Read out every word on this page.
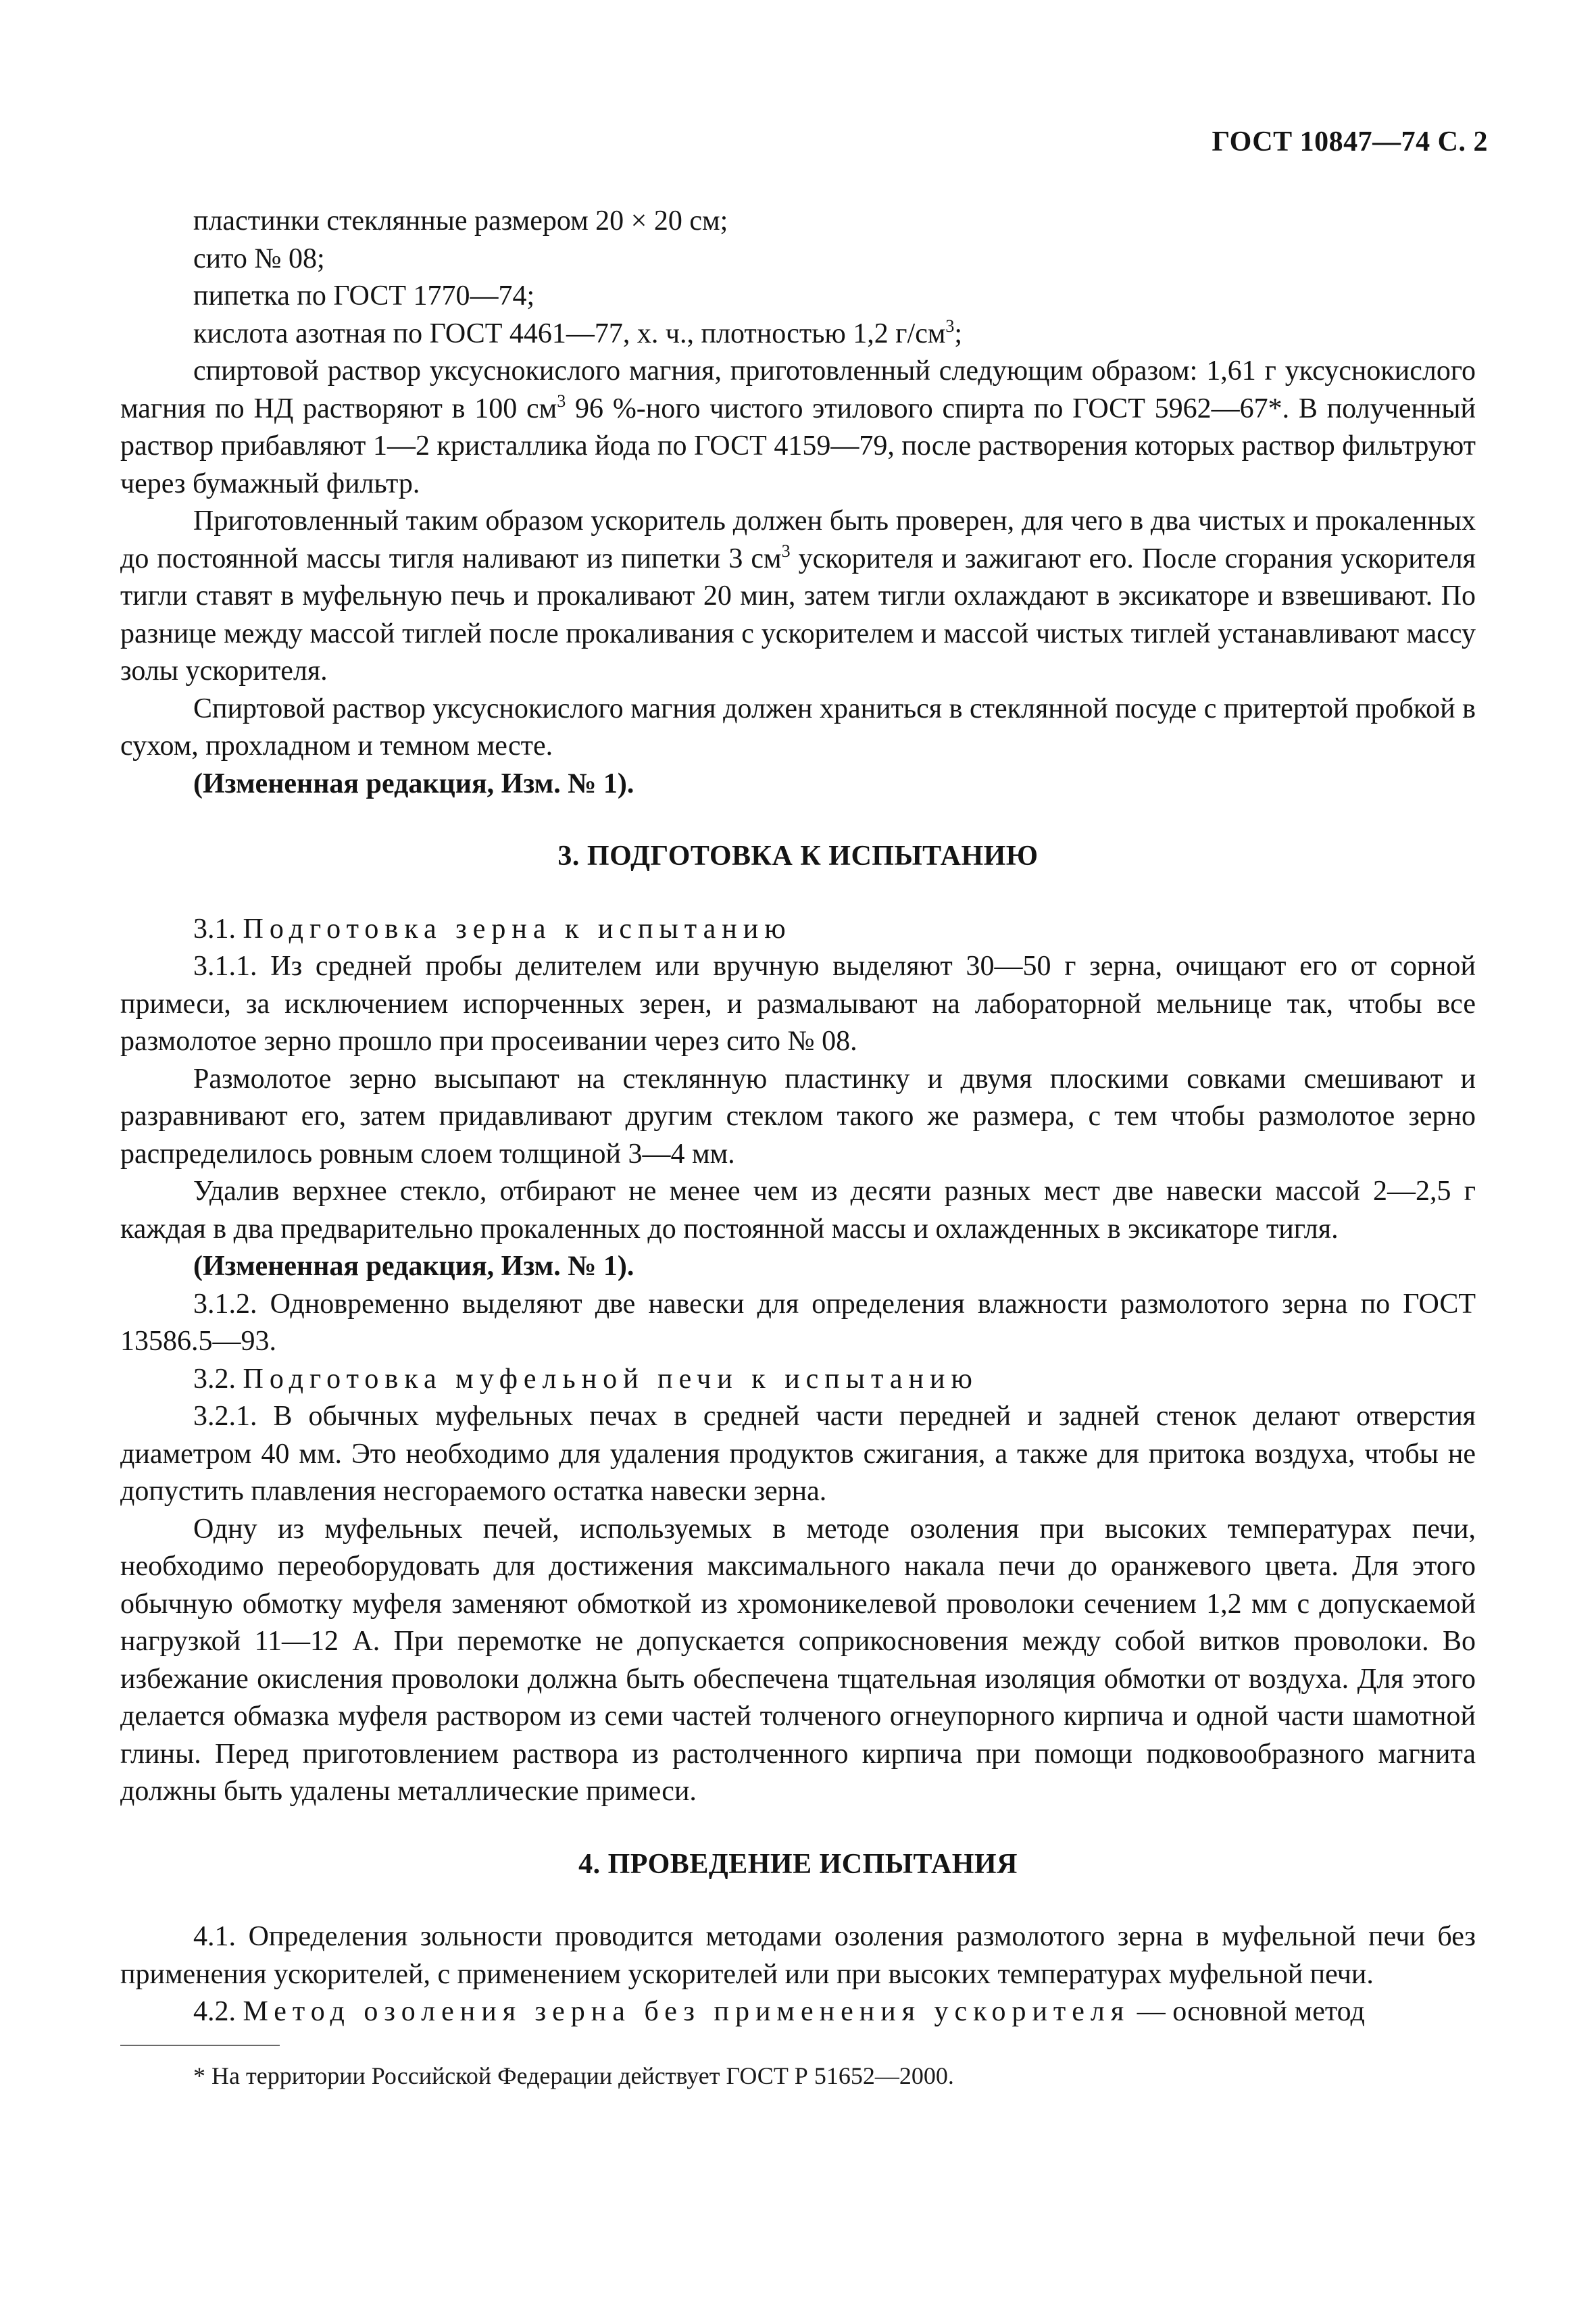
ГОСТ 10847—74 С. 2

пластинки стеклянные размером 20 × 20 см;

сито № 08;

пипетка по ГОСТ 1770—74;

кислота азотная по ГОСТ 4461—77, х. ч., плотностью 1,2 $г/см^3$;

спиртовой раствор уксуснокислого магния, приготовленный следующим образом: 1,61 г уксуснокислого магния по НД растворяют в 100 $см^3$ 96 %-ного чистого этилового спирта по ГОСТ 5962—67*. В полученный раствор прибавляют 1—2 кристаллика йода по ГОСТ 4159—79, после растворения которых раствор фильтруют через бумажный фильтр.

Приготовленный таким образом ускоритель должен быть проверен, для чего в два чистых и прокаленных до постоянной массы тигля наливают из пипетки 3 $см^3$ ускорителя и зажигают его. После сгорания ускорителя тигли ставят в муфельную печь и прокаливают 20 мин, затем тигли охлаждают в эксикаторе и взвешивают. По разнице между массой тиглей после прокаливания с ускорителем и массой чистых тиглей устанавливают массу золы ускорителя.

Спиртовой раствор уксуснокислого магния должен храниться в стеклянной посуде с притертой пробкой в сухом, прохладном и темном месте.

(Измененная редакция, Изм. № 1).

3. ПОДГОТОВКА К ИСПЫТАНИЮ

3.1. Подготовка зерна к испытанию

3.1.1. Из средней пробы делителем или вручную выделяют 30—50 г зерна, очищают его от сорной примеси, за исключением испорченных зерен, и размалывают на лабораторной мельнице так, чтобы все размолотое зерно прошло при просеивании через сито № 08.

Размолотое зерно высыпают на стеклянную пластинку и двумя плоскими совками смешивают и разравнивают его, затем придавливают другим стеклом такого же размера, с тем чтобы размолотое зерно распределилось ровным слоем толщиной 3—4 мм.

Удалив верхнее стекло, отбирают не менее чем из десяти разных мест две навески массой 2—2,5 г каждая в два предварительно прокаленных до постоянной массы и охлажденных в эксикаторе тигля.

(Измененная редакция, Изм. № 1).

3.1.2. Одновременно выделяют две навески для определения влажности размолотого зерна по ГОСТ 13586.5—93.

3.2. Подготовка муфельной печи к испытанию

3.2.1. В обычных муфельных печах в средней части передней и задней стенок делают отверстия диаметром 40 мм. Это необходимо для удаления продуктов сжигания, а также для притока воздуха, чтобы не допустить плавления несгораемого остатка навески зерна.

Одну из муфельных печей, используемых в методе озоления при высоких температурах печи, необходимо переоборудовать для достижения максимального накала печи до оранжевого цвета. Для этого обычную обмотку муфеля заменяют обмоткой из хромоникелевой проволоки сечением 1,2 мм с допускаемой нагрузкой 11—12 А. При перемотке не допускается соприкосновения между собой витков проволоки. Во избежание окисления проволоки должна быть обеспечена тщательная изоляция обмотки от воздуха. Для этого делается обмазка муфеля раствором из семи частей толченого огнеупорного кирпича и одной части шамотной глины. Перед приготовлением раствора из растолченного кирпича при помощи подковообразного магнита должны быть удалены металлические примеси.

4. ПРОВЕДЕНИЕ ИСПЫТАНИЯ

4.1. Определения зольности проводится методами озоления размолотого зерна в муфельной печи без применения ускорителей, с применением ускорителей или при высоких температурах муфельной печи.

4.2. Метод озоления зерна без применения ускорителя — основной метод

* На территории Российской Федерации действует ГОСТ Р 51652—2000.
